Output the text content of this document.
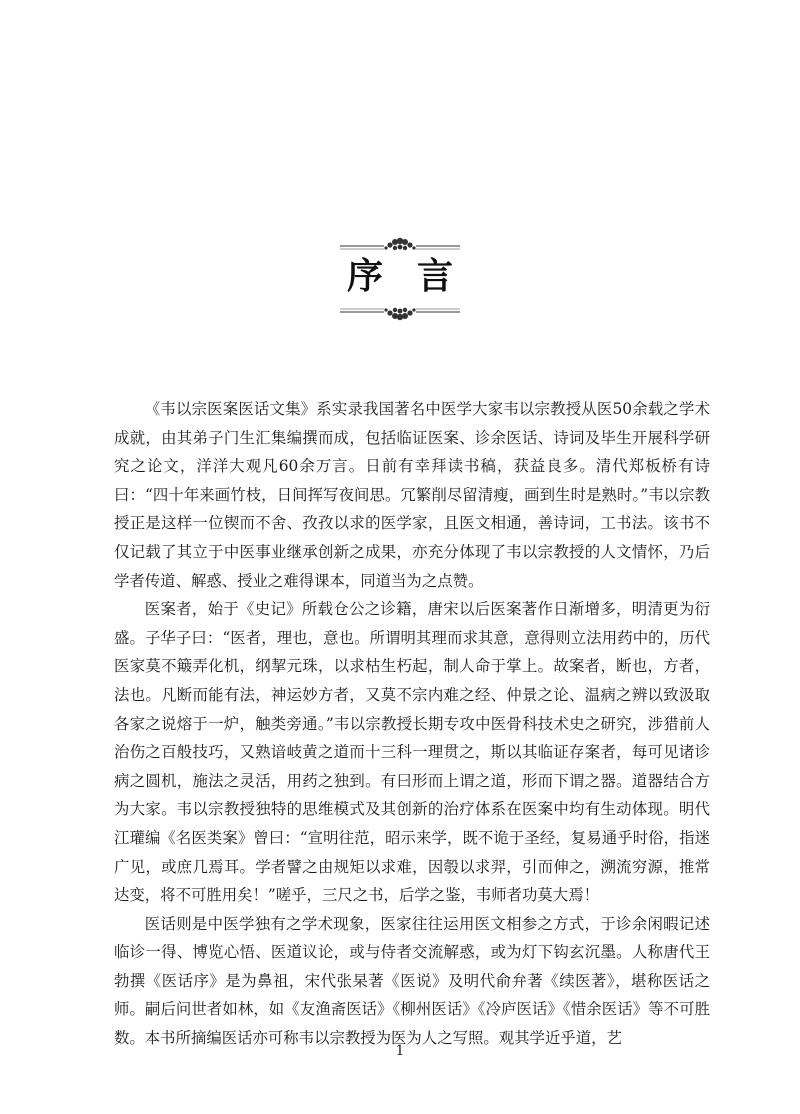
序言

《韦以宗医案医话文集》系实录我国著名中医学大家韦以宗教授从医50余载之学术成就，由其弟子门生汇集编撰而成，包括临证医案、诊余医话、诗词及毕生开展科学研究之论文，洋洋大观凡60余万言。日前有幸拜读书稿，获益良多。清代郑板桥有诗曰：“四十年来画竹枝，日间挥写夜间思。冗繁削尽留清瘦，画到生时是熟时。”韦以宗教授正是这样一位锲而不舍、孜孜以求的医学家，且医文相通，善诗词，工书法。该书不仅记载了其立于中医事业继承创新之成果，亦充分体现了韦以宗教授的人文情怀，乃后学者传道、解惑、授业之难得课本，同道当为之点赞。

医案者，始于《史记》所载仓公之诊籍，唐宋以后医案著作日渐增多，明清更为衍盛。子华子曰：“医者，理也，意也。所谓明其理而求其意，意得则立法用药中的，历代医家莫不簸弄化机，纲挈元珠，以求枯生朽起，制人命于掌上。故案者，断也，方者，法也。凡断而能有法，神运妙方者，又莫不宗内难之经、仲景之论、温病之辨以致汲取各家之说熔于一炉，触类旁通。”韦以宗教授长期专攻中医骨科技术史之研究，涉猎前人治伤之百般技巧，又熟谙岐黄之道而十三科一理贯之，斯以其临证存案者，每可见诸诊病之圆机，施法之灵活，用药之独到。有曰形而上谓之道，形而下谓之器。道器结合方为大家。韦以宗教授独特的思维模式及其创新的治疗体系在医案中均有生动体现。明代江瓘编《名医类案》曾曰：“宣明往范，昭示来学，既不诡于圣经，复易通乎时俗，指迷广见，或庶几焉耳。学者譬之由规矩以求难，因彀以求羿，引而伸之，溯流穷源，推常达变，将不可胜用矣！”嗟乎，三尺之书，后学之鉴，韦师者功莫大焉！

医话则是中医学独有之学术现象，医家往往运用医文相参之方式，于诊余闲暇记述临诊一得、博览心悟、医道议论，或与侍者交流解惑，或为灯下钩玄沉墨。人称唐代王勃撰《医话序》是为鼻祖，宋代张杲著《医说》及明代俞弁著《续医著》，堪称医话之师。嗣后问世者如林，如《友渔斋医话》《柳州医话》《冷庐医话》《惜余医话》等不可胜数。本书所摘编医话亦可称韦以宗教授为医为人之写照。观其学近乎道，艺

1
